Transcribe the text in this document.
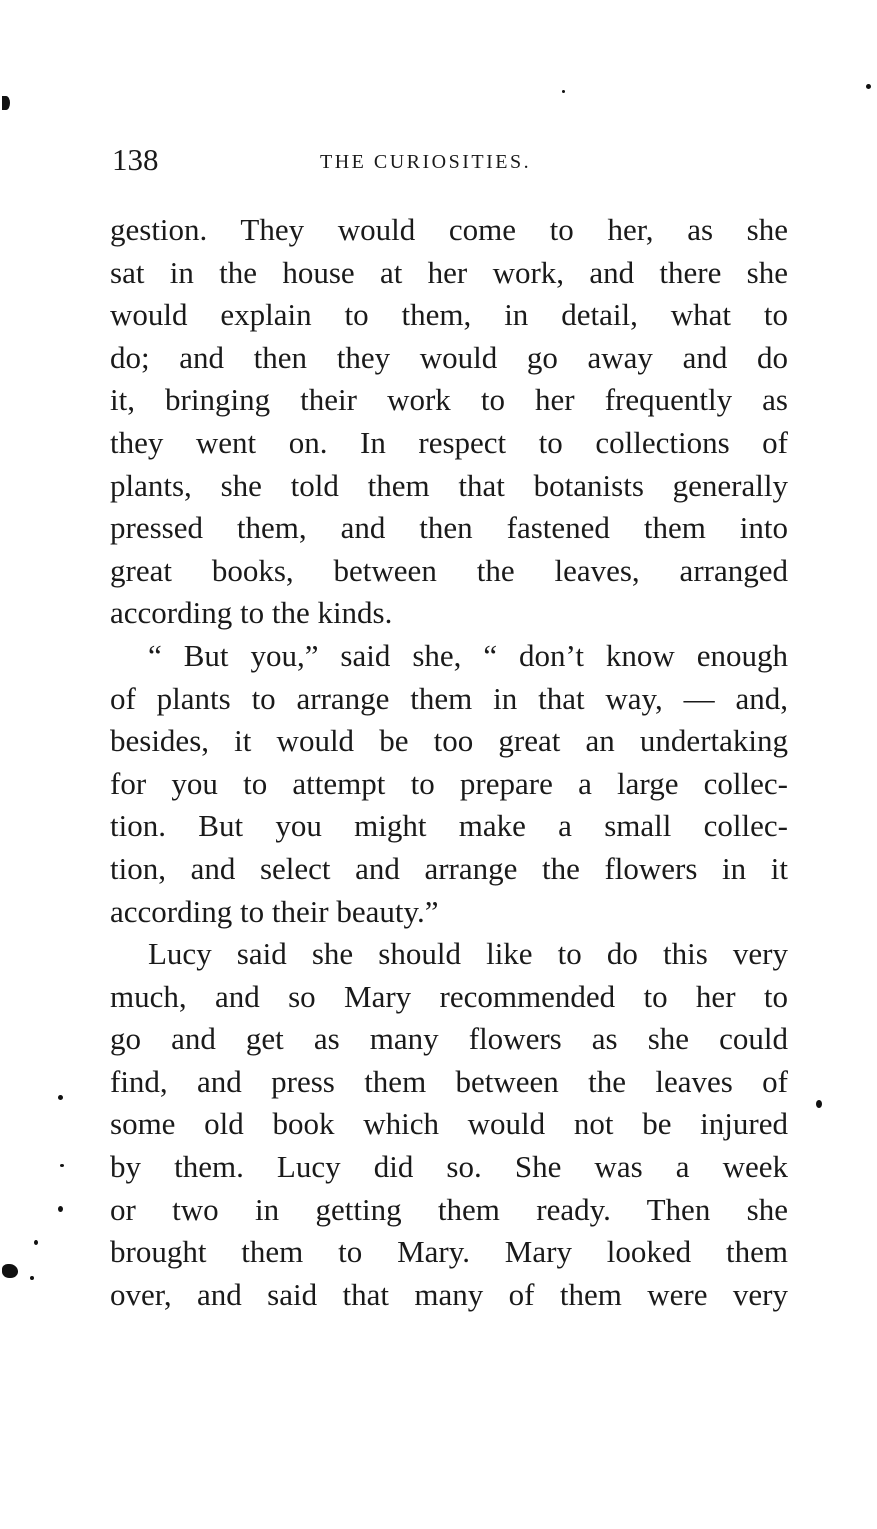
138	THE CURIOSITIES.

gestion. They would come to her, as she
sat in the house at her work, and there she
would explain to them, in detail, what to
do; and then they would go away and do
it, bringing their work to her frequently as
they went on. In respect to collections of
plants, she told them that botanists generally
pressed them, and then fastened them into
great books, between the leaves, arranged
according to the kinds.

“ But you,” said she, “ don’t know enough
of plants to arrange them in that way, — and,
besides, it would be too great an undertaking
for you to attempt to prepare a large collec-
tion. But you might make a small collec-
tion, and select and arrange the flowers in it
according to their beauty.”

Lucy said she should like to do this very
much, and so Mary recommended to her to
go and get as many flowers as she could
find, and press them between the leaves of
some old book which would not be injured
by them. Lucy did so. She was a week
or two in getting them ready. Then she
brought them to Mary. Mary looked them
over, and said that many of them were very
